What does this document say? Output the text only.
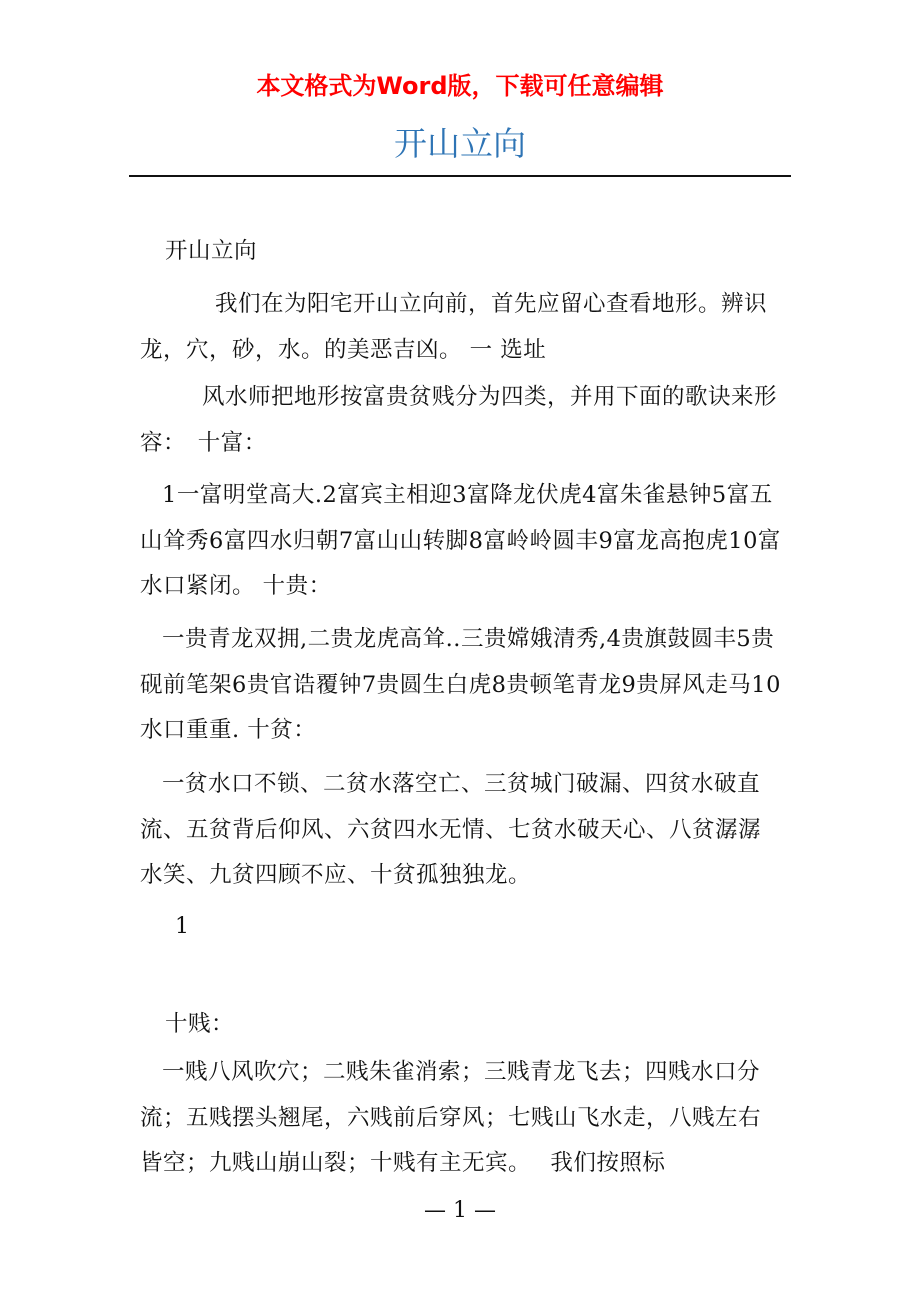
本文格式为Word版，下载可任意编辑
开山立向

开山立向

我们在为阳宅开山立向前，首先应留心查看地形。辨识龙，穴，砂，水。的美恶吉凶。 一 选址

风水师把地形按富贵贫贱分为四类，并用下面的歌诀来形容：　十富：

1一富明堂高大.2富宾主相迎3富降龙伏虎4富朱雀悬钟5富五山耸秀6富四水归朝7富山山转脚8富岭岭圆丰9富龙高抱虎10富水口紧闭。 十贵：

一贵青龙双拥,二贵龙虎高耸..三贵嫦娥清秀,4贵旗鼓圆丰5贵砚前笔架6贵官诰覆钟7贵圆生白虎8贵顿笔青龙9贵屏风走马10水口重重. 十贫：

一贫水口不锁、二贫水落空亡、三贫城门破漏、四贫水破直流、五贫背后仰风、六贫四水无情、七贫水破天心、八贫潺潺水笑、九贫四顾不应、十贫孤独独龙。

1

十贱：

一贱八风吹穴；二贱朱雀消索；三贱青龙飞去；四贱水口分流；五贱摆头翘尾，六贱前后穿风；七贱山飞水走，八贱左右皆空；九贱山崩山裂；十贱有主无宾。　 我们按照标

— 1 —
